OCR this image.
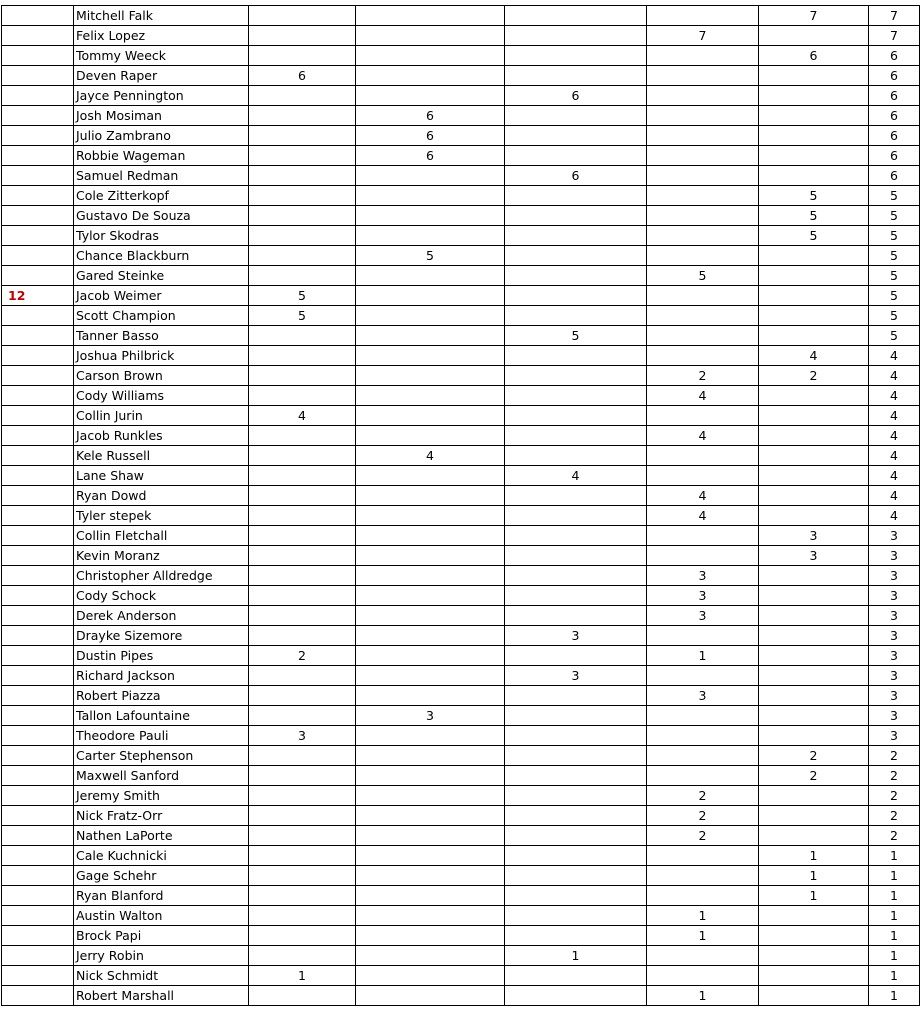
	Mitchell Falk					7	7
	Felix Lopez				7		7
	Tommy Weeck					6	6
	Deven Raper	6					6
	Jayce Pennington			6			6
	Josh Mosiman		6				6
	Julio Zambrano		6				6
	Robbie Wageman		6				6
	Samuel Redman			6			6
	Cole Zitterkopf					5	5
	Gustavo De Souza					5	5
	Tylor Skodras					5	5
	Chance Blackburn		5				5
	Gared Steinke				5		5
12	Jacob Weimer	5					5
	Scott Champion	5					5
	Tanner Basso			5			5
	Joshua Philbrick					4	4
	Carson Brown				2	2	4
	Cody Williams				4		4
	Collin Jurin	4					4
	Jacob Runkles				4		4
	Kele Russell		4				4
	Lane Shaw			4			4
	Ryan Dowd				4		4
	Tyler stepek				4		4
	Collin Fletchall					3	3
	Kevin Moranz					3	3
	Christopher Alldredge				3		3
	Cody Schock				3		3
	Derek Anderson				3		3
	Drayke Sizemore			3			3
	Dustin Pipes	2			1		3
	Richard Jackson			3			3
	Robert Piazza				3		3
	Tallon Lafountaine		3				3
	Theodore Pauli	3					3
	Carter Stephenson					2	2
	Maxwell Sanford					2	2
	Jeremy Smith				2		2
	Nick Fratz-Orr				2		2
	Nathen LaPorte				2		2
	Cale Kuchnicki					1	1
	Gage Schehr					1	1
	Ryan Blanford					1	1
	Austin Walton				1		1
	Brock Papi				1		1
	Jerry Robin			1			1
	Nick Schmidt	1					1
	Robert Marshall				1		1
